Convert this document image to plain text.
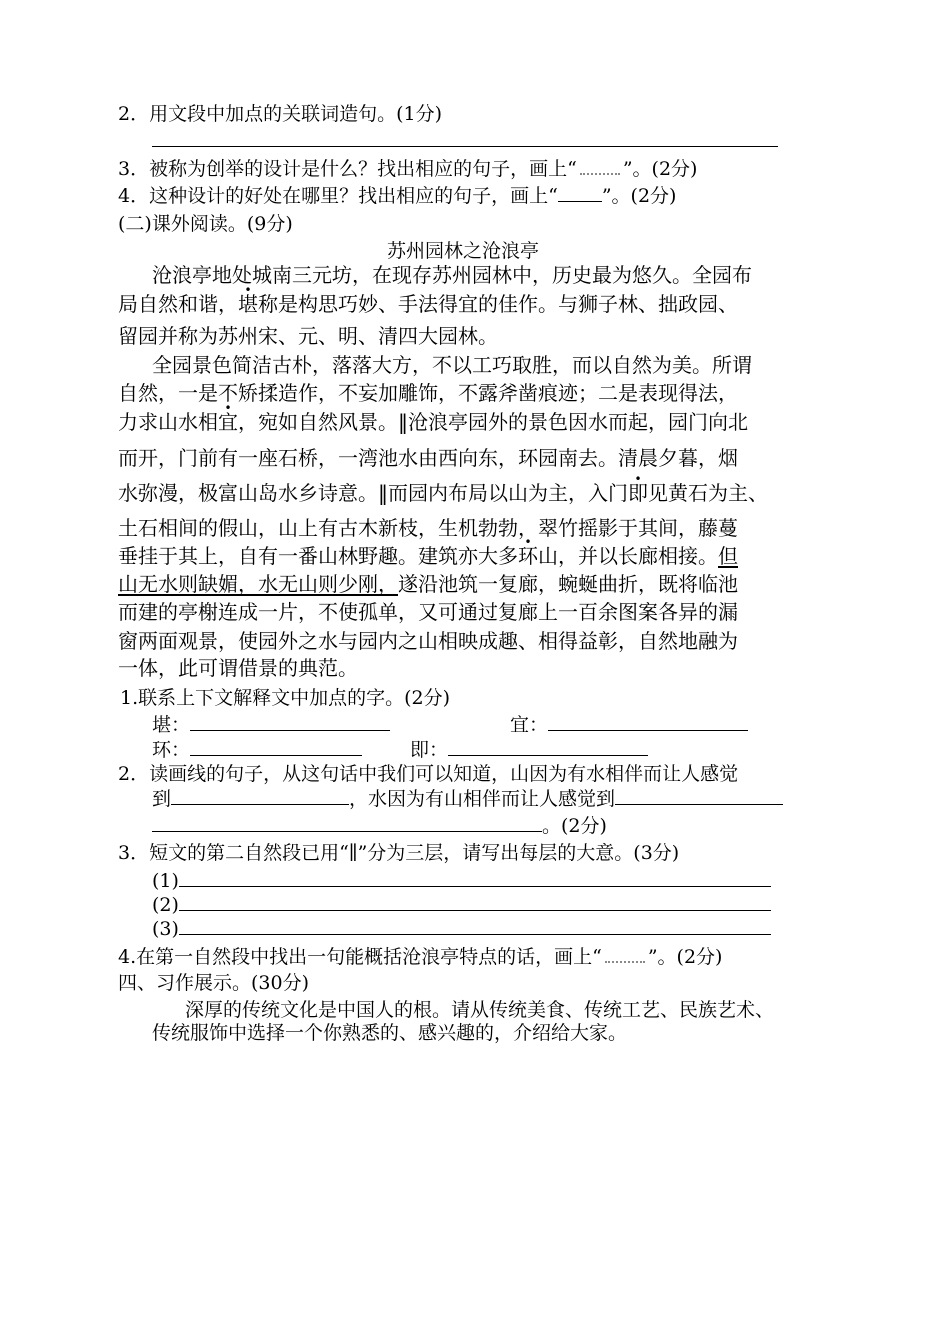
2．用文段中加点的关联词造句。(1分)
3．被称为创举的设计是什么？找出相应的句子，画上“ ”。(2分)
4．这种设计的好处在哪里？找出相应的句子，画上“ ”。(2分)
(二)课外阅读。(9分)
苏州园林之沧浪亭
沧浪亭地处城南三元坊，在现存苏州园林中，历史最为悠久。全园布
局自然和谐，堪称是构思巧妙、手法得宜的佳作。与狮子林、拙政园、
留园并称为苏州宋、元、明、清四大园林。
全园景色简洁古朴，落落大方，不以工巧取胜，而以自然为美。所谓
自然，一是不矫揉造作，不妄加雕饰，不露斧凿痕迹；二是表现得法，
力求山水相宜，宛如自然风景。‖沧浪亭园外的景色因水而起，园门向北
而开，门前有一座石桥，一湾池水由西向东，环园南去。清晨夕暮，烟
水弥漫，极富山岛水乡诗意。‖而园内布局以山为主，入门即见黄石为主、
土石相间的假山，山上有古木新枝，生机勃勃，翠竹摇影于其间，藤蔓
垂挂于其上，自有一番山林野趣。建筑亦大多环山，并以长廊相接。但
山无水则缺媚，水无山则少刚，遂沿池筑一复廊，蜿蜒曲折，既将临池
而建的亭榭连成一片，不使孤单，又可通过复廊上一百余图案各异的漏
窗两面观景，使园外之水与园内之山相映成趣、相得益彰，自然地融为
一体，此可谓借景的典范。
1.联系上下文解释文中加点的字。(2分)
堪：	宜：
环：	即：
2．读画线的句子，从这句话中我们可以知道，山因为有水相伴而让人感觉
到	，水因为有山相伴而让人感觉到
。(2分)
3．短文的第二自然段已用“∥”分为三层，请写出每层的大意。(3分)
(1)
(2)
(3)
4.在第一自然段中找出一句能概括沧浪亭特点的话，画上“ ”。(2分)
四、习作展示。(30分)
深厚的传统文化是中国人的根。请从传统美食、传统工艺、民族艺术、
传统服饰中选择一个你熟悉的、感兴趣的，介绍给大家。
